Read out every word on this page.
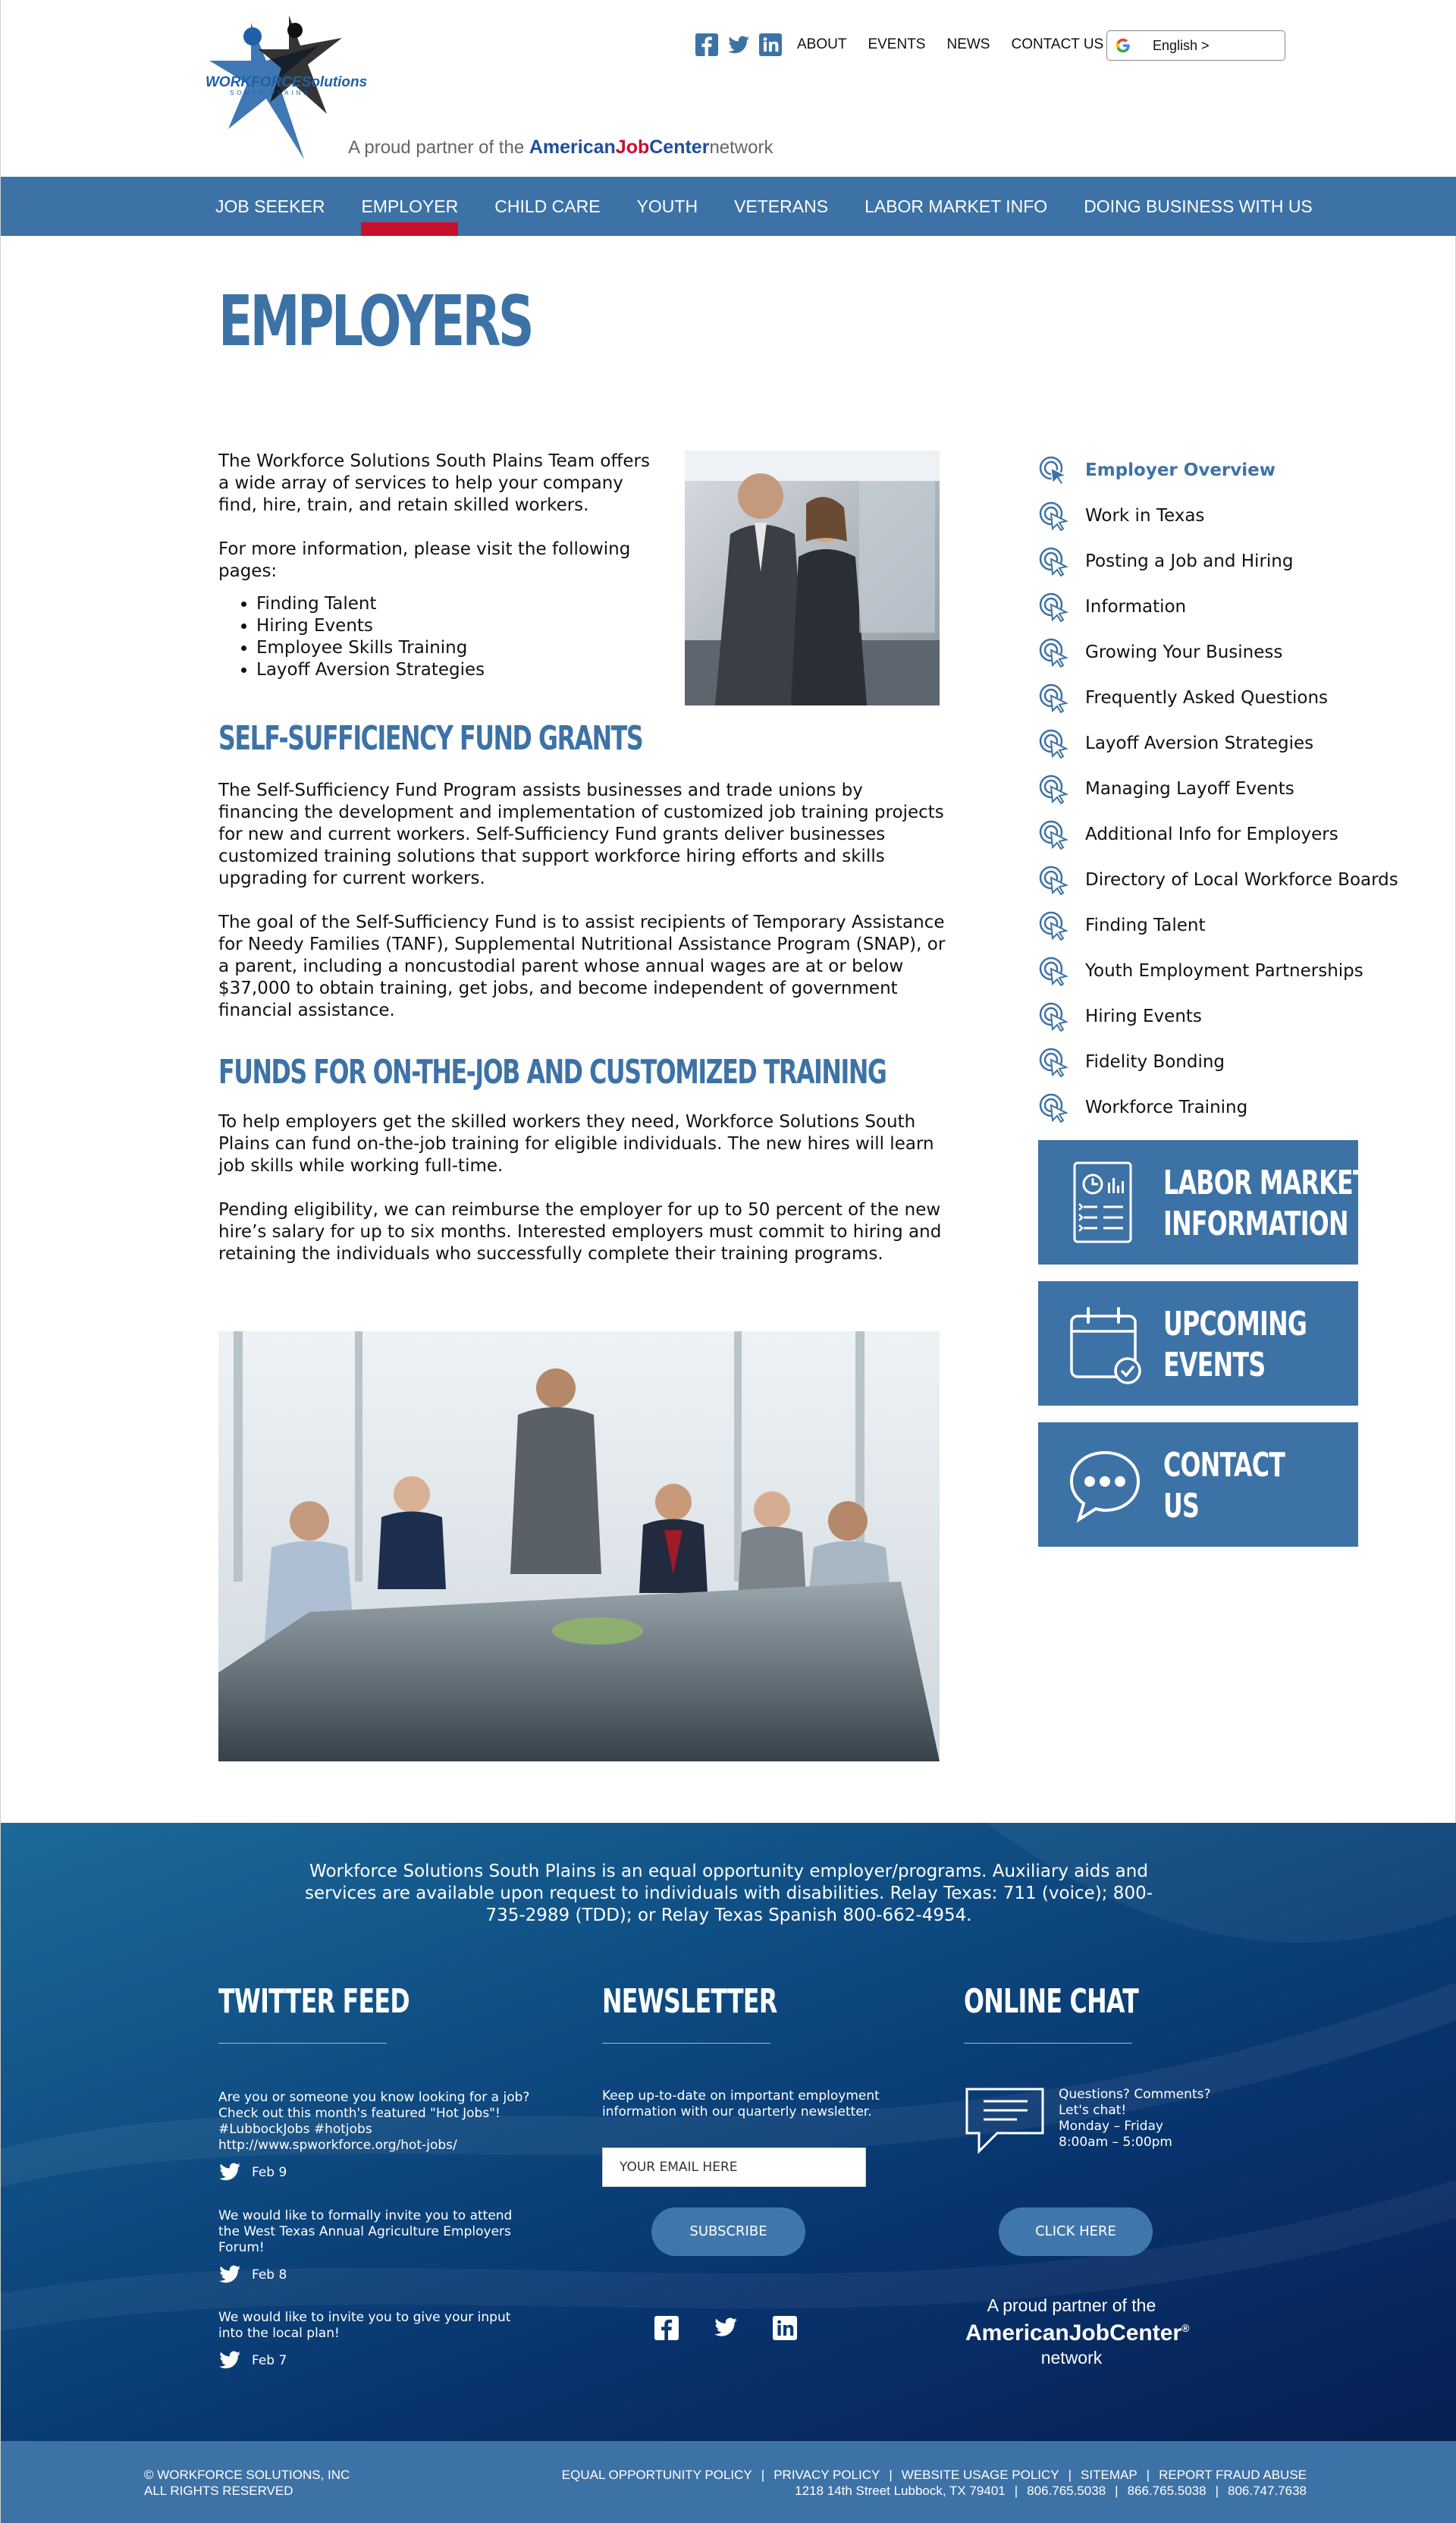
WORKFORCESolutions
SOUTH PLAINS
A proud partner of the AmericanJobCenternetwork
ABOUT EVENTS NEWS CONTACT US	English >
JOB SEEKER EMPLOYER CHILD CARE YOUTH VETERANS LABOR MARKET INFO DOING BUSINESS WITH US
EMPLOYERS

The Workforce Solutions South Plains Team offers a wide array of services to help your company find, hire, train, and retain skilled workers.

For more information, please visit the following pages:

• Finding Talent
• Hiring Events
• Employee Skills Training
• Layoff Aversion Strategies
SELF-SUFFICIENCY FUND GRANTS

The Self-Sufficiency Fund Program assists businesses and trade unions by financing the development and implementation of customized job training projects for new and current workers. Self-Sufficiency Fund grants deliver businesses customized training solutions that support workforce hiring efforts and skills upgrading for current workers.

The goal of the Self-Sufficiency Fund is to assist recipients of Temporary Assistance for Needy Families (TANF), Supplemental Nutritional Assistance Program (SNAP), or a parent, including a noncustodial parent whose annual wages are at or below $37,000 to obtain training, get jobs, and become independent of government financial assistance.

FUNDS FOR ON-THE-JOB AND CUSTOMIZED TRAINING

To help employers get the skilled workers they need, Workforce Solutions South Plains can fund on-the-job training for eligible individuals. The new hires will learn job skills while working full-time.

Pending eligibility, we can reimburse the employer for up to 50 percent of the new hire’s salary for up to six months. Interested employers must commit to hiring and retaining the individuals who successfully complete their training programs.

Employer Overview
Work in Texas
Posting a Job and Hiring
Information
Growing Your Business
Frequently Asked Questions
Layoff Aversion Strategies
Managing Layoff Events
Additional Info for Employers
Directory of Local Workforce Boards
Finding Talent
Youth Employment Partnerships
Hiring Events
Fidelity Bonding
Workforce Training
LABOR MARKET
INFORMATION
UPCOMING
EVENTS
CONTACT
US

Workforce Solutions South Plains is an equal opportunity employer/programs. Auxiliary aids and services are available upon request to individuals with disabilities. Relay Texas: 711 (voice); 800-735-2989 (TDD); or Relay Texas Spanish 800-662-4954.

TWITTER FEED

Are you or someone you know looking for a job? Check out this month's featured "Hot Jobs"! #LubbockJobs #hotjobs http://www.spworkforce.org/hot-jobs/

Feb 9

We would like to formally invite you to attend the West Texas Annual Agriculture Employers Forum!

Feb 8

We would like to invite you to give your input into the local plan!

Feb 7
NEWSLETTER

Keep up-to-date on important employment information with our quarterly newsletter.

YOUR EMAIL HERE
SUBSCRIBE
ONLINE CHAT
Questions? Comments?
Let's chat!
Monday – Friday
8:00am – 5:00pm
CLICK HERE
A proud partner of the
AmericanJobCenter®
network
© WORKFORCE SOLUTIONS, INC
ALL RIGHTS RESERVED
EQUAL OPPORTUNITY POLICY | PRIVACY POLICY | WEBSITE USAGE POLICY | SITEMAP | REPORT FRAUD ABUSE
1218 14th Street Lubbock, TX 79401 | 806.765.5038 | 866.765.5038 | 806.747.7638
